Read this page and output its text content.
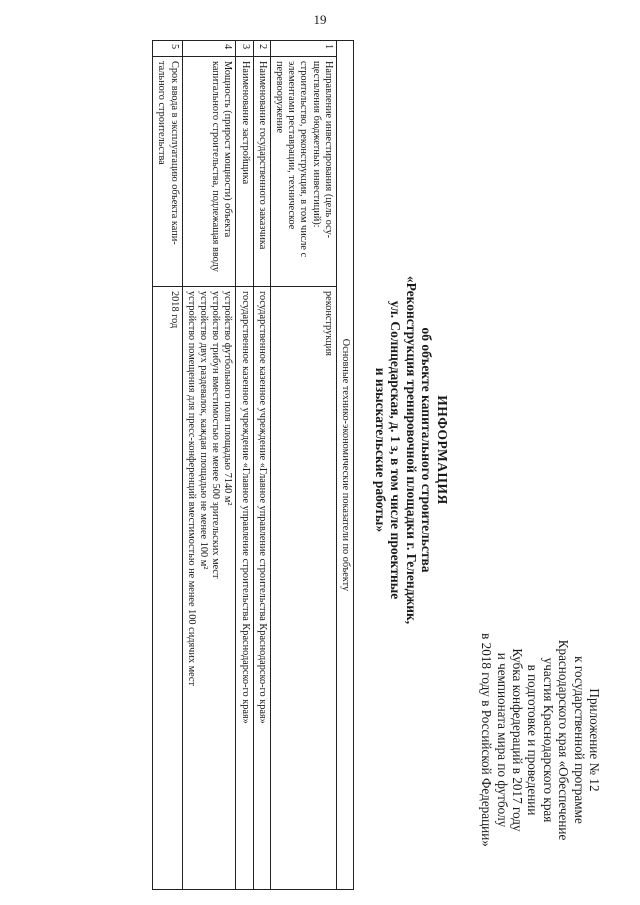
19
Приложение № 12
к государственной программе
Краснодарского края «Обеспечение
участия Краснодарского края
в подготовке и проведении
Кубка конфедераций в 2017 году
и чемпионата мира по футболу
в 2018 году в Российской Федерации»
ИНФОРМАЦИЯ
об объекте капитального строительства
«Реконструкция тренировочной площадки г. Геленджик,
ул. Солнцедарская, д. 1 з, в том числе проектные
и изыскательские работы»
Основные технико-экономические показатели по объекту		
1	Направление инвестирования (цель осу-ществления бюджетных инвестиций): строительство, реконструкция, в том числе с элементами реставрации, техническое перевооружение	реконструкция

2	Наименование государственного заказчика	государственное казенное учреждение «Главное управление строительства Краснодарско-го края»

3	Наименование застройщика	государственное казенное учреждение «Главное управление строительства Краснодарско-го края»

4	Мощность (прирост мощности) объекта капитального строительства, подлежащая вводу	устройство футбольного поля площадью 7140 м²
устройство трибун вместимостью не менее 500 зрительских мест
устройство двух раздевалок, каждая площадью не менее 100 м²
устройство помещения для пресс-конференций вместимостью не менее 100 сидячих мест

5	Срок ввода в эксплуатацию объекта капи-тального строительства	2018 год
